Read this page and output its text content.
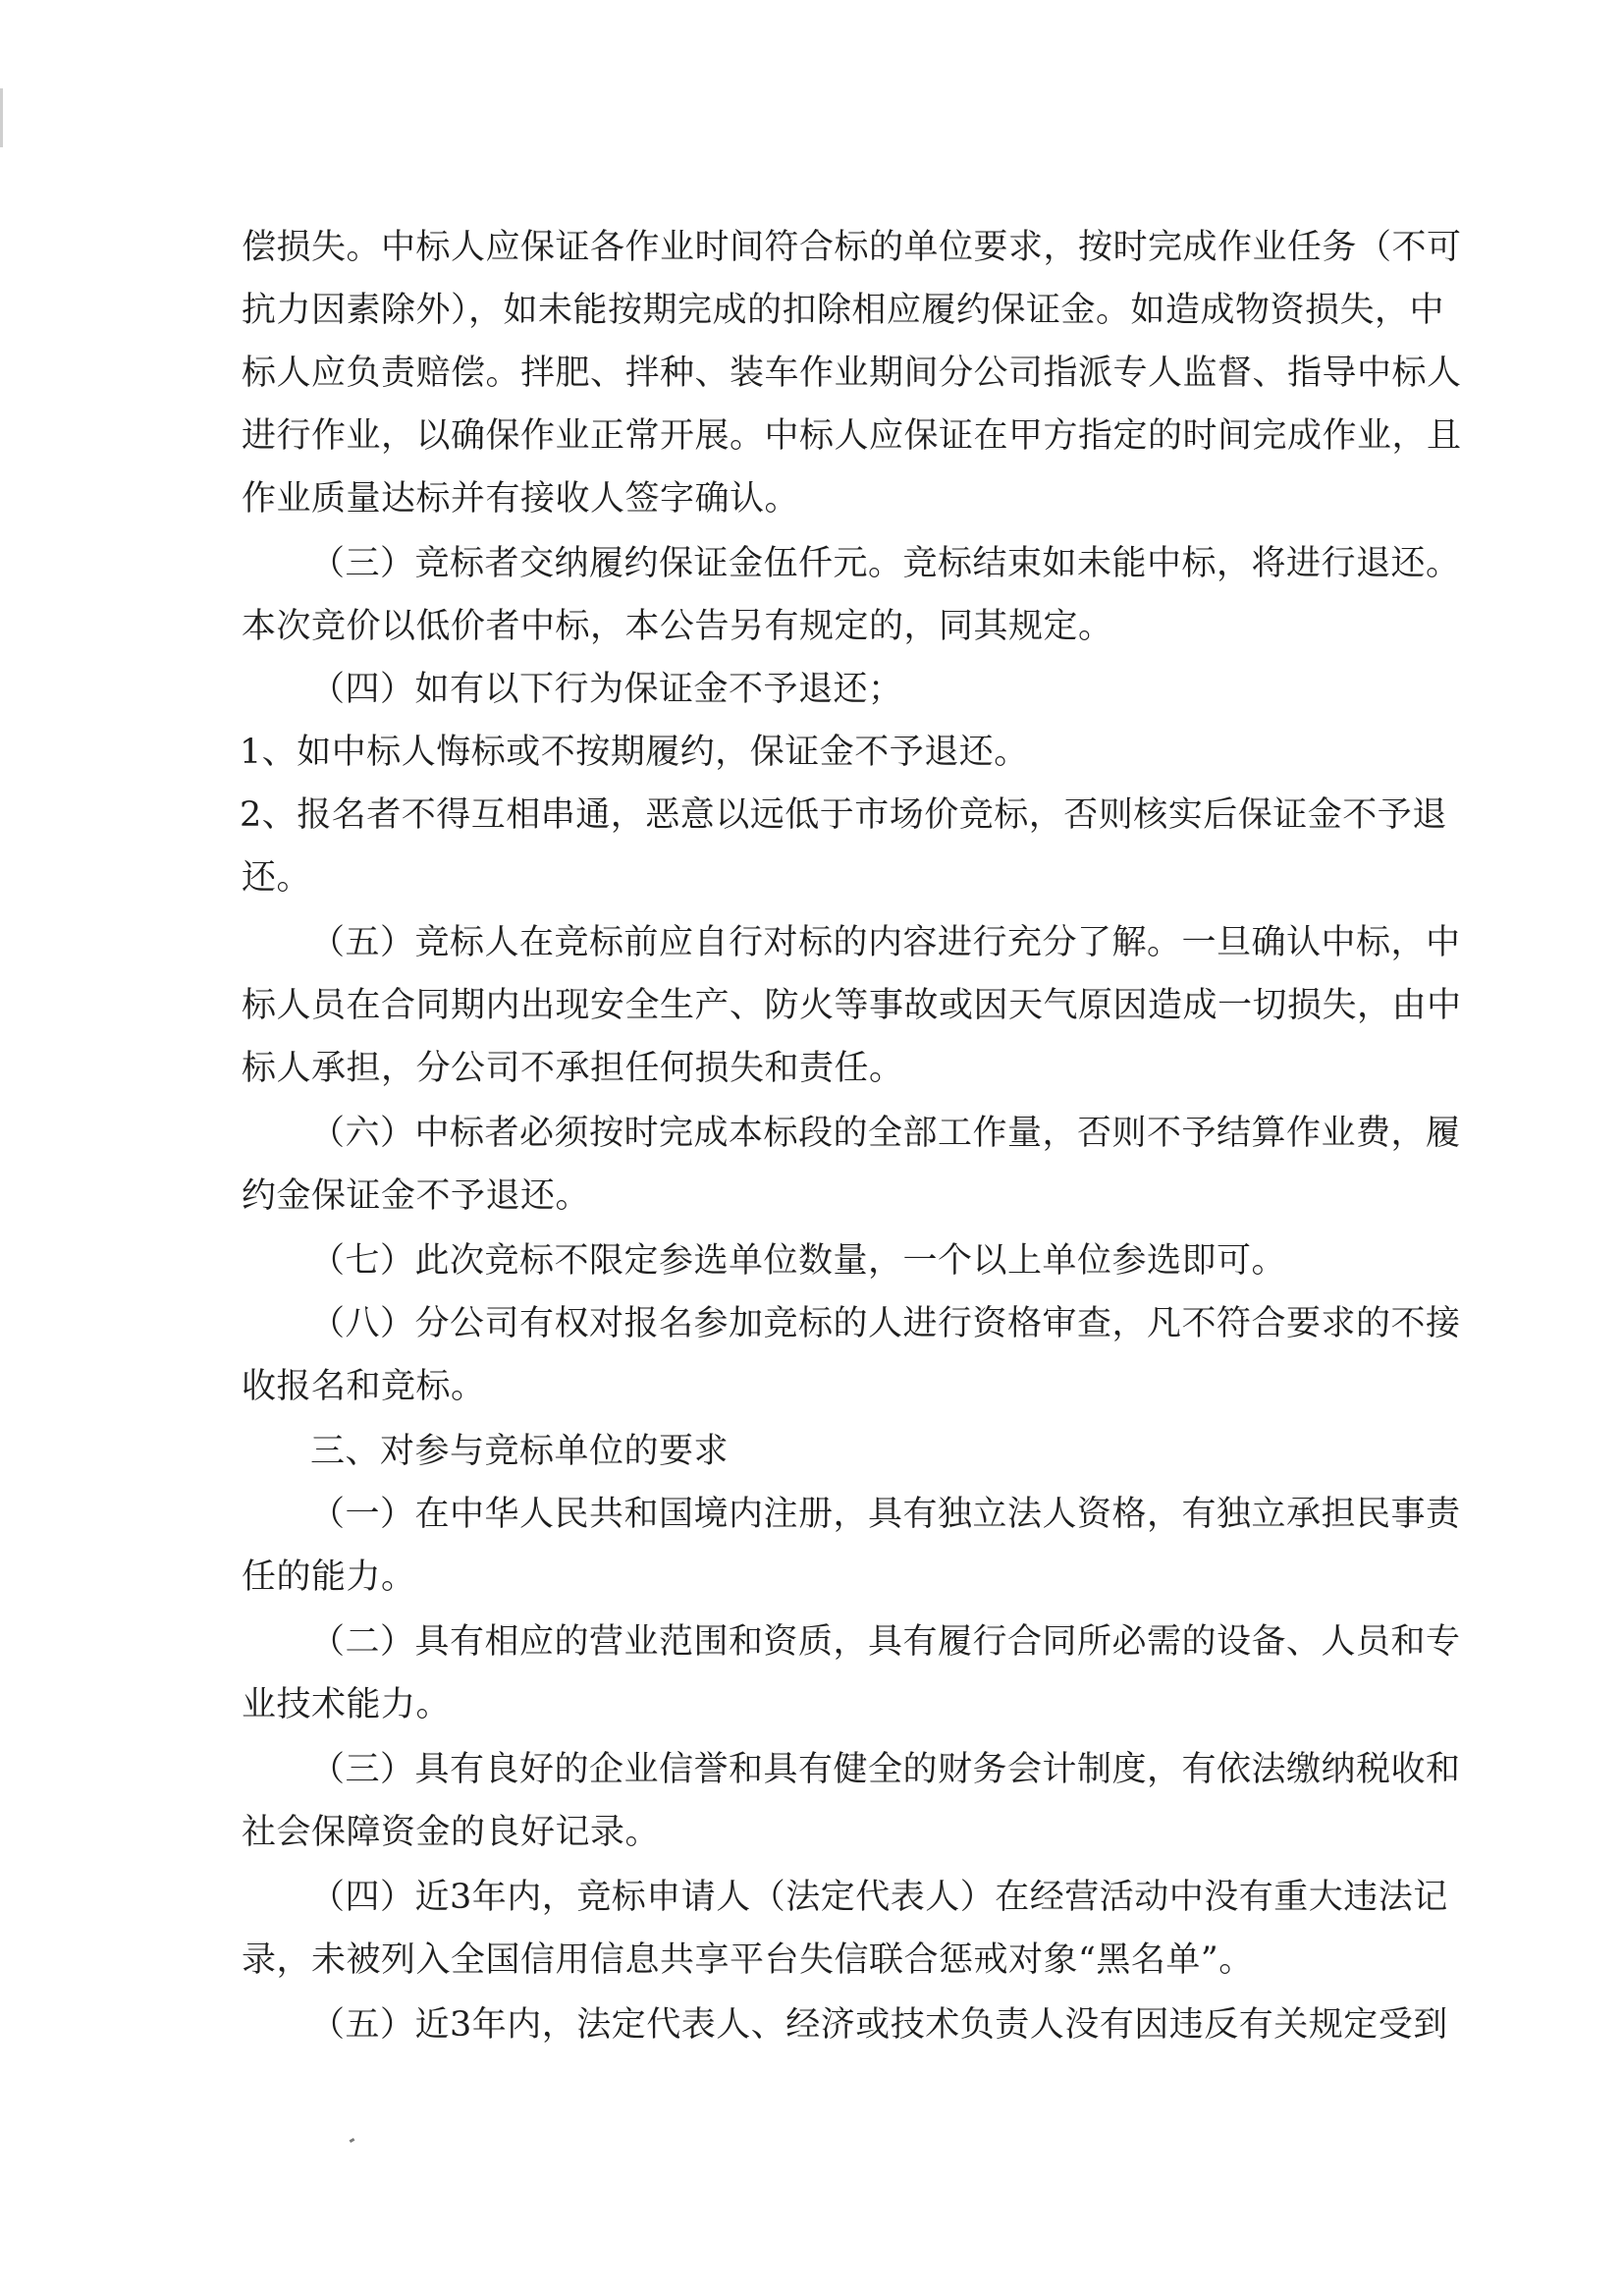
偿损失。中标人应保证各作业时间符合标的单位要求，按时完成作业任务（不可
抗力因素除外），如未能按期完成的扣除相应履约保证金。如造成物资损失，中
标人应负责赔偿。拌肥、拌种、装车作业期间分公司指派专人监督、指导中标人
进行作业，以确保作业正常开展。中标人应保证在甲方指定的时间完成作业，且
作业质量达标并有接收人签字确认。
（三）竞标者交纳履约保证金伍仟元。竞标结束如未能中标，将进行退还。
本次竞价以低价者中标，本公告另有规定的，同其规定。
（四）如有以下行为保证金不予退还；
1、如中标人悔标或不按期履约，保证金不予退还。
2、报名者不得互相串通，恶意以远低于市场价竞标，否则核实后保证金不予退
还。
（五）竞标人在竞标前应自行对标的内容进行充分了解。一旦确认中标，中
标人员在合同期内出现安全生产、防火等事故或因天气原因造成一切损失，由中
标人承担，分公司不承担任何损失和责任。
（六）中标者必须按时完成本标段的全部工作量，否则不予结算作业费，履
约金保证金不予退还。
（七）此次竞标不限定参选单位数量，一个以上单位参选即可。
（八）分公司有权对报名参加竞标的人进行资格审查，凡不符合要求的不接
收报名和竞标。
三、对参与竞标单位的要求
（一）在中华人民共和国境内注册，具有独立法人资格，有独立承担民事责
任的能力。
（二）具有相应的营业范围和资质，具有履行合同所必需的设备、人员和专
业技术能力。
（三）具有良好的企业信誉和具有健全的财务会计制度，有依法缴纳税收和
社会保障资金的良好记录。
（四）近3年内，竞标申请人（法定代表人）在经营活动中没有重大违法记
录，未被列入全国信用信息共享平台失信联合惩戒对象“黑名单”。
（五）近3年内，法定代表人、经济或技术负责人没有因违反有关规定受到
